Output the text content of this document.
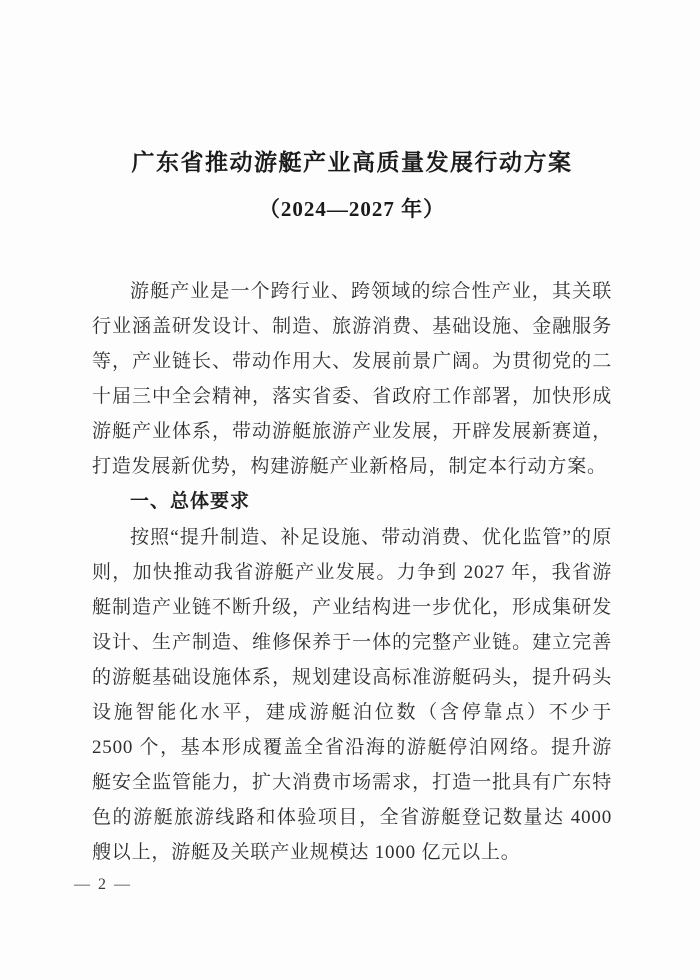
广东省推动游艇产业高质量发展行动方案
（2024—2027 年）

游艇产业是一个跨行业、跨领域的综合性产业，其关联行业涵盖研发设计、制造、旅游消费、基础设施、金融服务等，产业链长、带动作用大、发展前景广阔。为贯彻党的二十届三中全会精神，落实省委、省政府工作部署，加快形成游艇产业体系，带动游艇旅游产业发展，开辟发展新赛道，打造发展新优势，构建游艇产业新格局，制定本行动方案。

一、总体要求

按照“提升制造、补足设施、带动消费、优化监管”的原则，加快推动我省游艇产业发展。力争到 2027 年，我省游艇制造产业链不断升级，产业结构进一步优化，形成集研发设计、生产制造、维修保养于一体的完整产业链。建立完善的游艇基础设施体系，规划建设高标准游艇码头，提升码头设施智能化水平，建成游艇泊位数（含停靠点）不少于 2500 个，基本形成覆盖全省沿海的游艇停泊网络。提升游艇安全监管能力，扩大消费市场需求，打造一批具有广东特色的游艇旅游线路和体验项目，全省游艇登记数量达 4000 艘以上，游艇及关联产业规模达 1000 亿元以上。

— 2 —
